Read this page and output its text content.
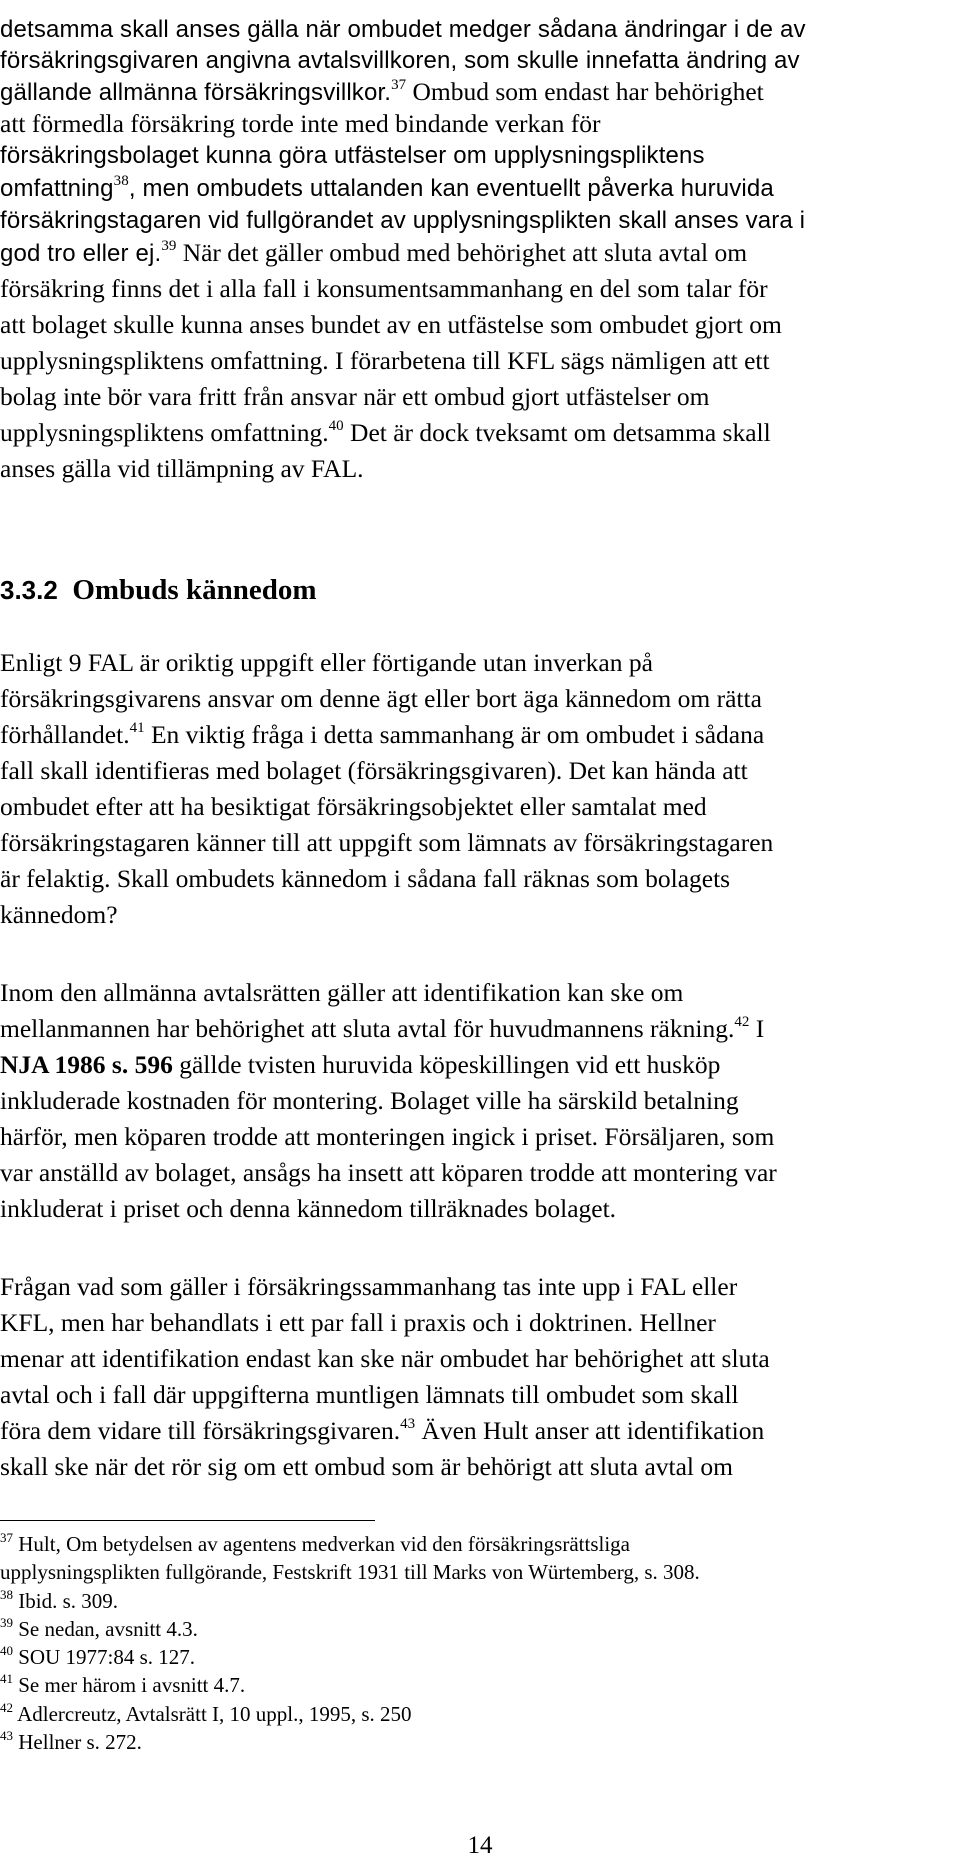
detsamma skall anses gälla när ombudet medger sådana ändringar i de av
försäkringsgivaren angivna avtalsvillkoren, som skulle innefatta ändring av
gällande allmänna försäkringsvillkor.$^{37}$ Ombud som endast har behörighet
att förmedla försäkring torde inte med bindande verkan för
försäkringsbolaget kunna göra utfästelser om upplysningspliktens
omfattning$^{38}$, men ombudets uttalanden kan eventuellt påverka huruvida
försäkringstagaren vid fullgörandet av upplysningsplikten skall anses vara i
god tro eller ej.$^{39}$ När det gäller ombud med behörighet att sluta avtal om
försäkring finns det i alla fall i konsumentsammanhang en del som talar för
att bolaget skulle kunna anses bundet av en utfästelse som ombudet gjort om
upplysningspliktens omfattning. I förarbetena till KFL sägs nämligen att ett
bolag inte bör vara fritt från ansvar när ett ombud gjort utfästelser om
upplysningspliktens omfattning.$^{40}$ Det är dock tveksamt om detsamma skall
anses gälla vid tillämpning av FAL.
3.3.2 Ombuds kännedom
Enligt 9 FAL är oriktig uppgift eller förtigande utan inverkan på
försäkringsgivarens ansvar om denne ägt eller bort äga kännedom om rätta
förhållandet.$^{41}$ En viktig fråga i detta sammanhang är om ombudet i sådana
fall skall identifieras med bolaget (försäkringsgivaren). Det kan hända att
ombudet efter att ha besiktigat försäkringsobjektet eller samtalat med
försäkringstagaren känner till att uppgift som lämnats av försäkringstagaren
är felaktig. Skall ombudets kännedom i sådana fall räknas som bolagets
kännedom?
Inom den allmänna avtalsrätten gäller att identifikation kan ske om
mellanmannen har behörighet att sluta avtal för huvudmannens räkning.$^{42}$ I
NJA 1986 s. 596 gällde tvisten huruvida köpeskillingen vid ett husköp
inkluderade kostnaden för montering. Bolaget ville ha särskild betalning
härför, men köparen trodde att monteringen ingick i priset. Försäljaren, som
var anställd av bolaget, ansågs ha insett att köparen trodde att montering var
inkluderat i priset och denna kännedom tillräknades bolaget.
Frågan vad som gäller i försäkringssammanhang tas inte upp i FAL eller
KFL, men har behandlats i ett par fall i praxis och i doktrinen. Hellner
menar att identifikation endast kan ske när ombudet har behörighet att sluta
avtal och i fall där uppgifterna muntligen lämnats till ombudet som skall
föra dem vidare till försäkringsgivaren.$^{43}$ Även Hult anser att identifikation
skall ske när det rör sig om ett ombud som är behörigt att sluta avtal om
$^{37}$ Hult, Om betydelsen av agentens medverkan vid den försäkringsrättsliga
upplysningsplikten fullgörande, Festskrift 1931 till Marks von Würtemberg, s. 308.
$^{38}$ Ibid. s. 309.
$^{39}$ Se nedan, avsnitt 4.3.
$^{40}$ SOU 1977:84 s. 127.
$^{41}$ Se mer härom i avsnitt 4.7.
$^{42}$ Adlercreutz, Avtalsrätt I, 10 uppl., 1995, s. 250
$^{43}$ Hellner s. 272.
14
